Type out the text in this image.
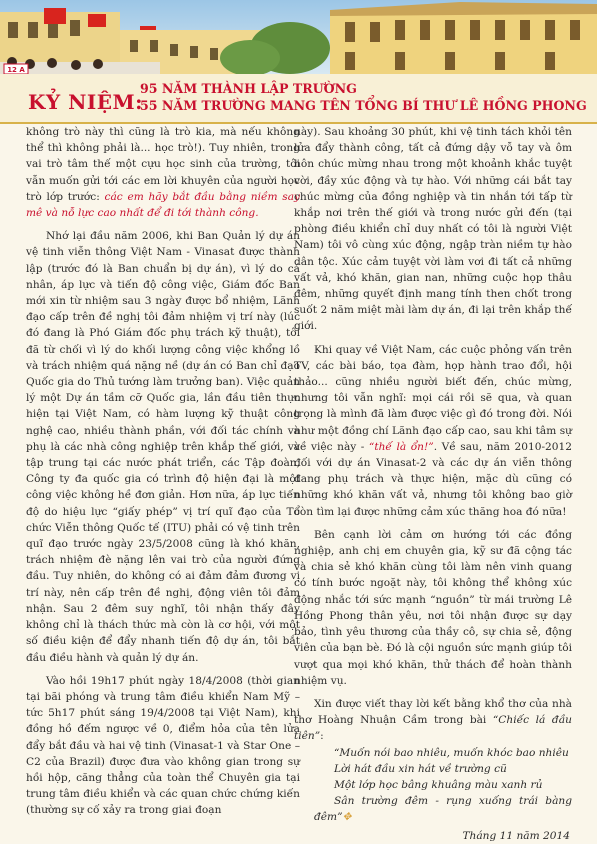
12 A
KỶ NIỆM:
95 NĂM THÀNH LẬP TRƯỜNG
55 NĂM TRƯỜNG MANG TÊN TỔNG BÍ THƯ LÊ HỒNG PHONG

không trò này thì cũng là trò kia, mà nếu không thể thì không phải là... học trò!). Tuy nhiên, trong vai trò tâm thế một cựu học sinh của trường, tôi vẫn muốn gửi tới các em lời khuyên của người học trò lớp trước: các em hãy bắt đầu bằng niềm say mê và nỗ lực cao nhất để đi tới thành công.

Nhớ lại đầu năm 2006, khi Ban Quản lý dự án vệ tinh viễn thông Việt Nam - Vinasat được thành lập (trước đó là Ban chuẩn bị dự án), vì lý do cá nhân, áp lực và tiến độ công việc, Giám đốc Ban mới xin từ nhiệm sau 3 ngày được bổ nhiệm, Lãnh đạo cấp trên đề nghị tôi đảm nhiệm vị trí này (lúc đó đang là Phó Giám đốc phụ trách kỹ thuật), tôi đã từ chối vì lý do khối lượng công việc khổng lồ và trách nhiệm quá nặng nề (dự án có Ban chỉ đạo Quốc gia do Thủ tướng làm trưởng ban). Việc quản lý một Dự án tầm cỡ Quốc gia, lần đầu tiên thực hiện tại Việt Nam, có hàm lượng kỹ thuật công nghệ cao, nhiều thành phần, với đối tác chính và phụ là các nhà công nghiệp trên khắp thế giới, và tập trung tại các nước phát triển, các Tập đoàn, Công ty đa quốc gia có trình độ hiện đại là một công việc không hề đơn giản. Hơn nữa, áp lực tiến độ do hiệu lực “giấy phép” vị trí quĩ đạo của Tổ chức Viễn thông Quốc tế (ITU) phải có vệ tinh trên quĩ đạo trước ngày 23/5/2008 cũng là khó khăn, trách nhiệm đè nặng lên vai trò của người đứng đầu. Tuy nhiên, do không có ai đảm đảm đương vị trí này, nên cấp trên đề nghị, động viên tôi đảm nhận. Sau 2 đêm suy nghĩ, tôi nhận thấy đây không chỉ là thách thức mà còn là cơ hội, với một số điều kiện để đẩy nhanh tiến độ dự án, tôi bắt đầu điều hành và quản lý dự án.

Vào hồi 19h17 phút ngày 18/4/2008 (thời gian tại bãi phóng và trung tâm điều khiển Nam Mỹ – tức 5h17 phút sáng 19/4/2008 tại Việt Nam), khi đồng hồ đếm ngược về 0, điểm hỏa của tên lửa đẩy bắt đầu và hai vệ tinh (Vinasat-1 và Star One –C2 của Brazil) được đưa vào không gian trong sự hồi hộp, căng thẳng của toàn thể Chuyên gia tại trung tâm điều khiển và các quan chức chứng kiến (thường sự cố xảy ra trong giai đoạn

này). Sau khoảng 30 phút, khi vệ tinh tách khỏi tên lửa đẩy thành công, tất cả đứng dậy vỗ tay và ôm hôn chúc mừng nhau trong một khoảnh khắc tuyệt vời, đầy xúc động và tự hào. Với những cái bắt tay chúc mừng của đồng nghiệp và tin nhắn tới tấp từ khắp nơi trên thế giới và trong nước gửi đến (tại phòng điều khiển chỉ duy nhất có tôi là người Việt Nam) tôi vô cùng xúc động, ngập tràn niềm tự hào dân tộc. Xúc cảm tuyệt vời làm vơi đi tất cả những vất vả, khó khăn, gian nan, những cuộc họp thâu đêm, những quyết định mang tính then chốt trong suốt 2 năm miệt mài làm dự án, đi lại trên khắp thế giới.

Khi quay về Việt Nam, các cuộc phỏng vấn trên TV, các bài báo, tọa đàm, họp hành trao đổi, hội thảo... cũng nhiều người biết đến, chúc mừng, nhưng tôi vẫn nghĩ: mọi cái rồi sẽ qua, và quan trọng là mình đã làm được việc gì đó trong đời. Nói như một đồng chí Lãnh đạo cấp cao, sau khi tâm sự về việc này - “thế là ổn!”. Về sau, năm 2010-2012 đối với dự án Vinasat-2 và các dự án viễn thông đang phụ trách và thực hiện, mặc dù cũng có những khó khăn vất vả, nhưng tôi không bao giờ còn tìm lại được những cảm xúc thăng hoa đó nữa!

Bên cạnh lời cảm ơn hướng tới các đồng nghiệp, anh chị em chuyên gia, kỹ sư đã cộng tác và chia sẻ khó khăn cùng tôi làm nên vinh quang có tính bước ngoặt này, tôi không thể không xúc động nhắc tới sức mạnh “nguồn” từ mái trường Lê Hồng Phong thân yêu, nơi tôi nhận được sự dạy bảo, tình yêu thương của thầy cô, sự chia sẻ, động viên của bạn bè. Đó là cội nguồn sức mạnh giúp tôi vượt qua mọi khó khăn, thử thách để hoàn thành nhiệm vụ.

Xin được viết thay lời kết bằng khổ thơ của nhà thơ Hoàng Nhuận Cầm trong bài “Chiếc lá đầu tiên”:

“Muốn nói bao nhiêu, muốn khóc bao nhiêu

Lời hát đầu xin hát về trường cũ

Một lớp học bâng khuâng màu xanh rủ

Sân trường đêm - rụng xuống trái bàng đêm”✥

Tháng 11 năm 2014
